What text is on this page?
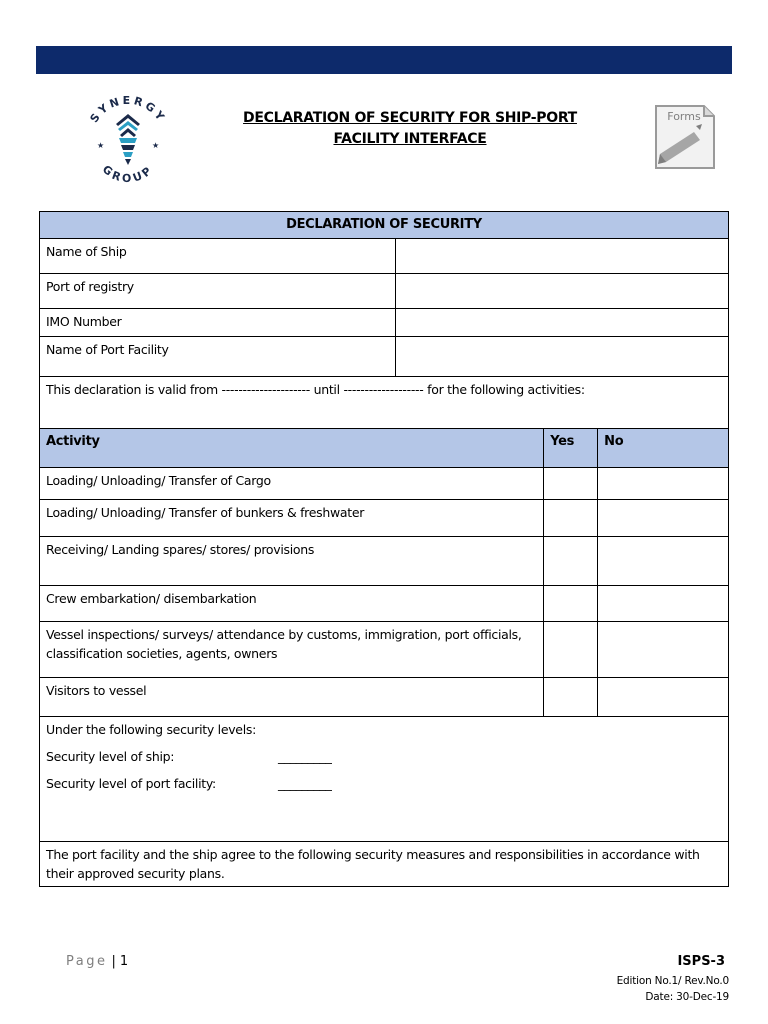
SYNERGY
GROUP
★	★
DECLARATION OF SECURITY FOR SHIP-PORT
FACILITY INTERFACE
Forms
DECLARATION OF SECURITY			
Name of Ship			
Port of registry			
IMO Number			
Name of Port Facility			
This declaration is valid from --------------------- until ------------------- for the following activities:			
Activity		Yes	No
Loading/ Unloading/ Transfer of Cargo			
Loading/ Unloading/ Transfer of bunkers & freshwater			
Receiving/ Landing spares/ stores/ provisions			
Crew embarkation/ disembarkation			
Vessel inspections/ surveys/ attendance by customs, immigration, port officials, classification societies, agents, owners			
Visitors to vessel			

Under the following security levels:
Security level of ship: _________
Security level of port facility: _________			

The port facility and the ship agree to the following security measures and responsibilities in accordance with their approved security plans.			
Page | 1	ISPS-3
Edition No.1/ Rev.No.0
Date: 30-Dec-19
